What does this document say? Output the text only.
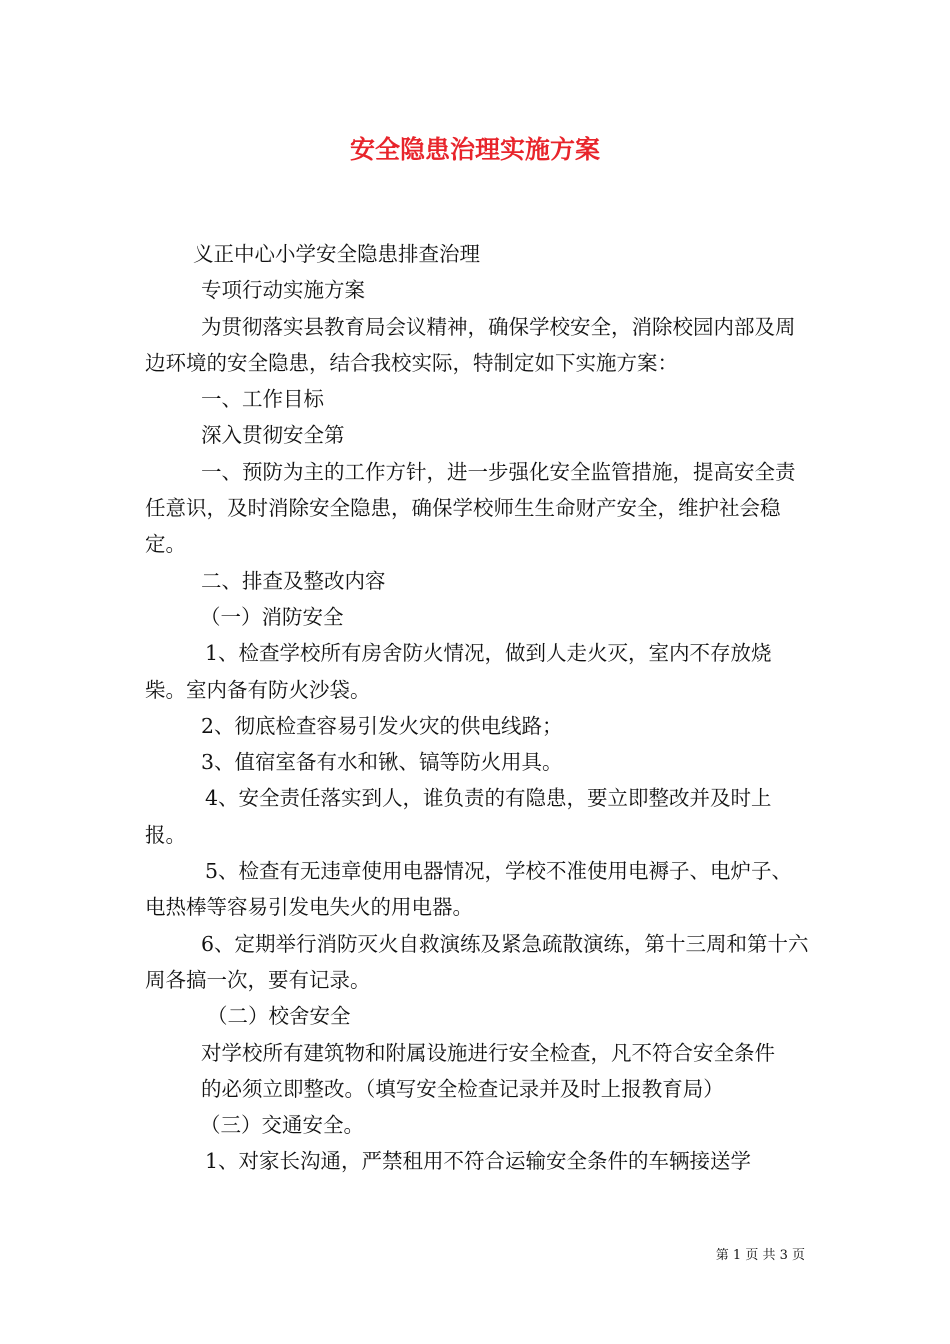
安全隐患治理实施方案

义正中心小学安全隐患排查治理

专项行动实施方案

为贯彻落实县教育局会议精神，确保学校安全，消除校园内部及周边环境的安全隐患，结合我校实际，特制定如下实施方案：

一、工作目标

深入贯彻安全第

一、预防为主的工作方针，进一步强化安全监管措施，提高安全责任意识，及时消除安全隐患，确保学校师生生命财产安全，维护社会稳定。

二、排查及整改内容

（一）消防安全

1、检查学校所有房舍防火情况，做到人走火灭，室内不存放烧柴。室内备有防火沙袋。

2、彻底检查容易引发火灾的供电线路；

3、值宿室备有水和锹、镐等防火用具。

4、安全责任落实到人，谁负责的有隐患，要立即整改并及时上报。

5、检查有无违章使用电器情况，学校不准使用电褥子、电炉子、电热棒等容易引发电失火的用电器。

6、定期举行消防灭火自救演练及紧急疏散演练，第十三周和第十六周各搞一次，要有记录。

（二）校舍安全

对学校所有建筑物和附属设施进行安全检查，凡不符合安全条件

的必须立即整改。（填写安全检查记录并及时上报教育局）

（三）交通安全。

1、对家长沟通，严禁租用不符合运输安全条件的车辆接送学

第 1 页 共 3 页
